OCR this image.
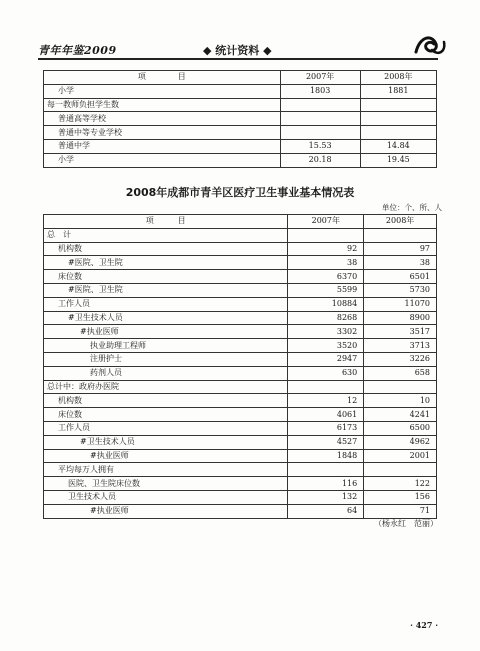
青年年鉴2009	◆ 统计资料 ◆
项　　　　目	2007年	2008年
小学	1803	1881
每一教师负担学生数		
普通高等学校		
普通中等专业学校		
普通中学	15.53	14.84
小学	20.18	19.45
2008年成都市青羊区医疗卫生事业基本情况表
单位：个、所、人
项　　　目	2007年	2008年
总　计		
机构数	92	97
#医院、卫生院	38	38
床位数	6370	6501
#医院、卫生院	5599	5730
工作人员	10884	11070
#卫生技术人员	8268	8900
#执业医师	3302	3517
执业助理工程师	3520	3713
注册护士	2947	3226
药剂人员	630	658
总计中：政府办医院		
机构数	12	10
床位数	4061	4241
工作人员	6173	6500
#卫生技术人员	4527	4962
#执业医师	1848	2001
平均每万人拥有		
医院、卫生院床位数	116	122
卫生技术人员	132	156
#执业医师	64	71
（杨永红　范丽）
· 427 ·
